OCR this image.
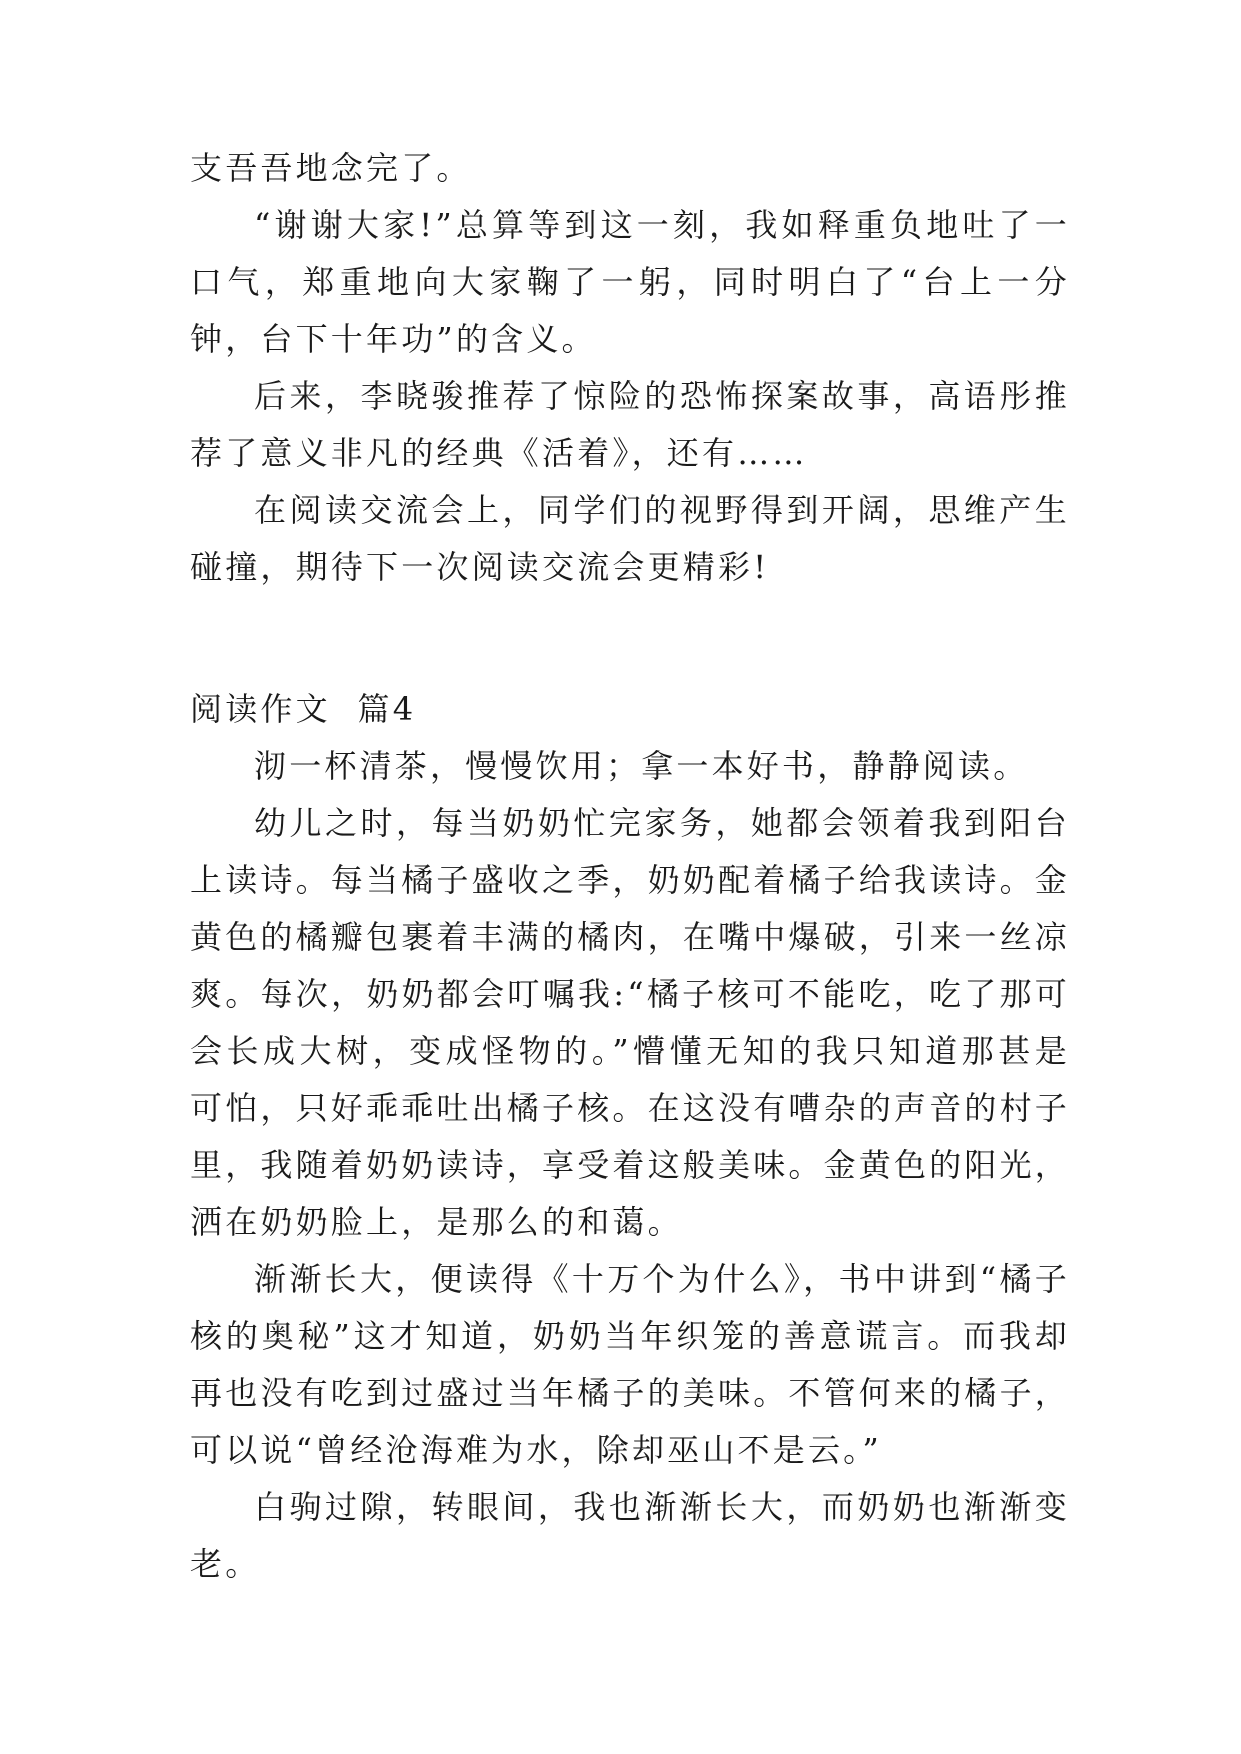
支吾吾地念完了。

“谢谢大家!”总算等到这一刻，我如释重负地吐了一口气，郑重地向大家鞠了一躬，同时明白了“台上一分钟，台下十年功”的含义。

后来，李晓骏推荐了惊险的恐怖探案故事，高语彤推荐了意义非凡的经典《活着》，还有……

在阅读交流会上，同学们的视野得到开阔，思维产生碰撞，期待下一次阅读交流会更精彩!

阅读作文  篇4

沏一杯清茶，慢慢饮用；拿一本好书，静静阅读。

幼儿之时，每当奶奶忙完家务，她都会领着我到阳台上读诗。每当橘子盛收之季，奶奶配着橘子给我读诗。金黄色的橘瓣包裹着丰满的橘肉，在嘴中爆破，引来一丝凉爽。每次，奶奶都会叮嘱我:“橘子核可不能吃，吃了那可会长成大树，变成怪物的。”懵懂无知的我只知道那甚是可怕，只好乖乖吐出橘子核。在这没有嘈杂的声音的村子里，我随着奶奶读诗，享受着这般美味。金黄色的阳光，洒在奶奶脸上，是那么的和蔼。

渐渐长大，便读得《十万个为什么》，书中讲到“橘子核的奥秘”这才知道，奶奶当年织笼的善意谎言。而我却再也没有吃到过盛过当年橘子的美味。不管何来的橘子，可以说“曾经沧海难为水，除却巫山不是云。”

白驹过隙，转眼间，我也渐渐长大，而奶奶也渐渐变老。
